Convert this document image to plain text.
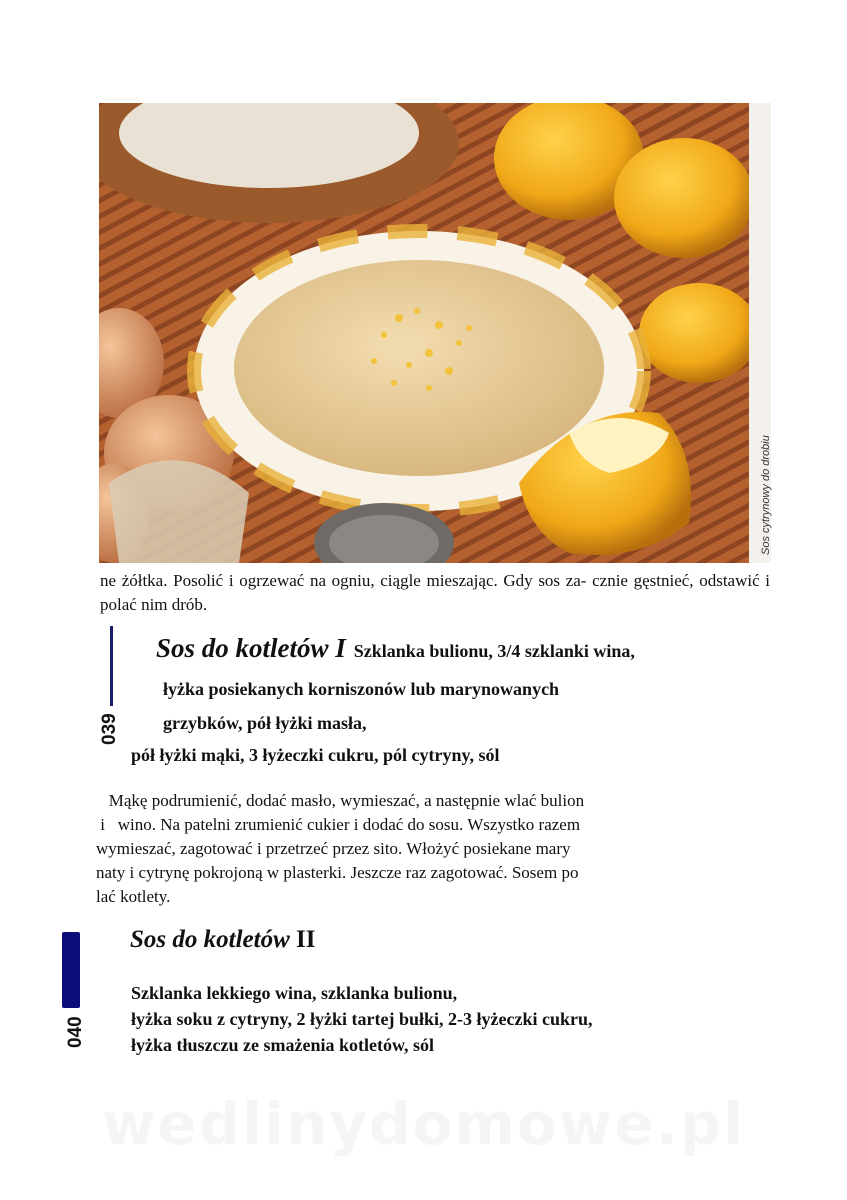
Sos cytrynowy do drobiu

ne żółtka. Posolić i ogrzewać na ogniu, ciągle mieszając. Gdy sos za- cznie gęstnieć, odstawić i polać nim drób.

039
Sos do kotletów I Szklanka bulionu, 3/4 szklanki wina,
łyżka posiekanych korniszonów lub marynowanych
grzybków, pół łyżki masła,
pół łyżki mąki, 3 łyżeczki cukru, pól cytryny, sól
Mąkę podrumienić, dodać masło, wymieszać, a następnie wlać bulion
i   wino. Na patelni zrumienić cukier i dodać do sosu. Wszystko razem
wymieszać, zagotować i przetrzeć przez sito. Włożyć posiekane mary
naty i cytrynę pokrojoną w plasterki. Jeszcze raz zagotować. Sosem po
lać kotlety.
040
Sos do kotletów II
Szklanka lekkiego wina, szklanka bulionu,
łyżka soku z cytryny, 2 łyżki tartej bułki, 2-3 łyżeczki cukru,
łyżka tłuszczu ze smażenia kotletów, sól
wedlinydomowe.pl
